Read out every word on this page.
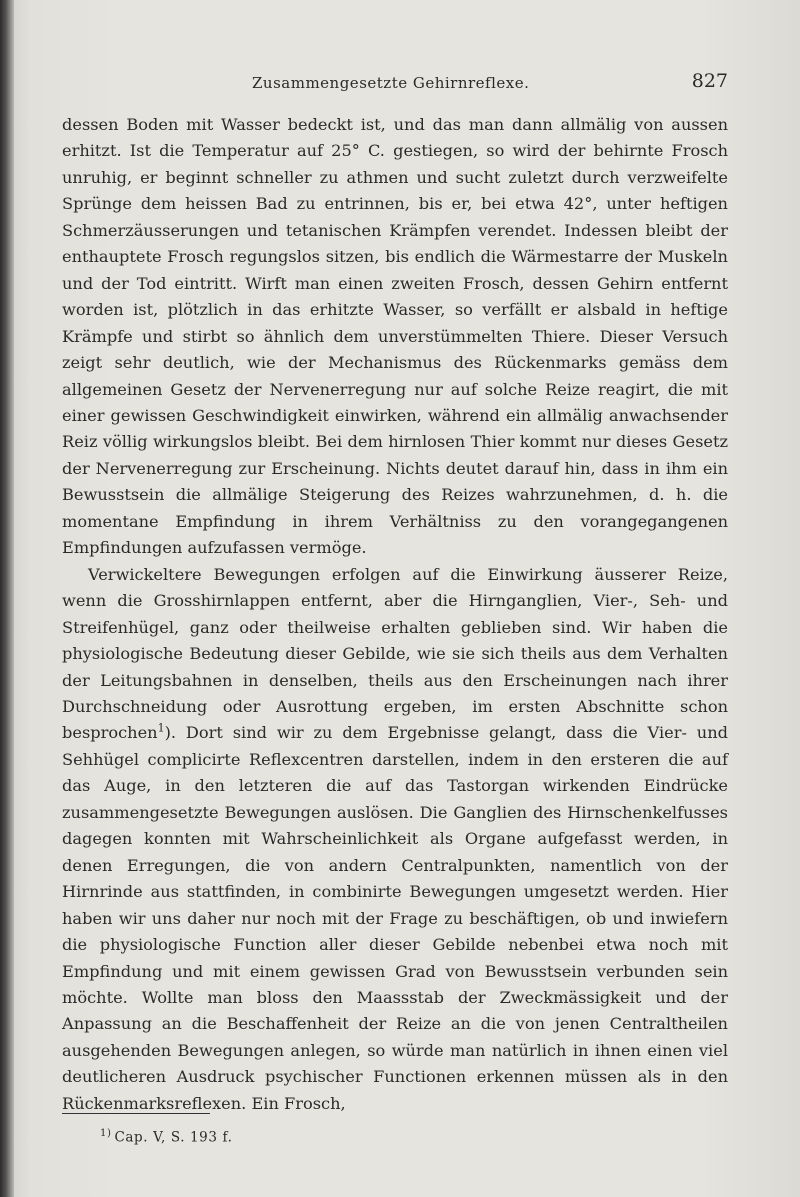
Zusammengesetzte Gehirnreflexe.	827

dessen Boden mit Wasser bedeckt ist, und das man dann allmälig von aussen erhitzt. Ist die Temperatur auf 25° C. gestiegen, so wird der behirnte Frosch unruhig, er beginnt schneller zu athmen und sucht zuletzt durch verzweifelte Sprünge dem heissen Bad zu entrinnen, bis er, bei etwa 42°, unter heftigen Schmerzäusserungen und tetanischen Krämpfen verendet. Indessen bleibt der enthauptete Frosch regungslos sitzen, bis endlich die Wärmestarre der Muskeln und der Tod eintritt. Wirft man einen zweiten Frosch, dessen Gehirn entfernt worden ist, plötzlich in das erhitzte Wasser, so verfällt er alsbald in heftige Krämpfe und stirbt so ähnlich dem unverstümmelten Thiere. Dieser Versuch zeigt sehr deutlich, wie der Mechanismus des Rückenmarks gemäss dem allgemeinen Gesetz der Nervenerregung nur auf solche Reize reagirt, die mit einer gewissen Geschwindigkeit einwirken, während ein allmälig anwachsender Reiz völlig wirkungslos bleibt. Bei dem hirnlosen Thier kommt nur dieses Gesetz der Nervenerregung zur Erscheinung. Nichts deutet darauf hin, dass in ihm ein Bewusstsein die allmälige Steigerung des Reizes wahrzunehmen, d. h. die momentane Empfindung in ihrem Verhältniss zu den vorangegangenen Empfindungen aufzufassen vermöge.

Verwickeltere Bewegungen erfolgen auf die Einwirkung äusserer Reize, wenn die Grosshirnlappen entfernt, aber die Hirnganglien, Vier-, Seh- und Streifenhügel, ganz oder theilweise erhalten geblieben sind. Wir haben die physiologische Bedeutung dieser Gebilde, wie sie sich theils aus dem Verhalten der Leitungsbahnen in denselben, theils aus den Erscheinungen nach ihrer Durchschneidung oder Ausrottung ergeben, im ersten Abschnitte schon besprochen$^1$). Dort sind wir zu dem Ergebnisse gelangt, dass die Vier- und Sehhügel complicirte Reflexcentren darstellen, indem in den ersteren die auf das Auge, in den letzteren die auf das Tastorgan wirkenden Eindrücke zusammengesetzte Bewegungen auslösen. Die Ganglien des Hirnschenkelfusses dagegen konnten mit Wahrscheinlichkeit als Organe aufgefasst werden, in denen Erregungen, die von andern Centralpunkten, namentlich von der Hirnrinde aus stattfinden, in combinirte Bewegungen umgesetzt werden. Hier haben wir uns daher nur noch mit der Frage zu beschäftigen, ob und inwiefern die physiologische Function aller dieser Gebilde nebenbei etwa noch mit Empfindung und mit einem gewissen Grad von Bewusstsein verbunden sein möchte. Wollte man bloss den Maassstab der Zweckmässigkeit und der Anpassung an die Beschaffenheit der Reize an die von jenen Centraltheilen ausgehenden Bewegungen anlegen, so würde man natürlich in ihnen einen viel deutlicheren Ausdruck psychischer Functionen erkennen müssen als in den Rückenmarksreflexen. Ein Frosch,

$^{1)}$ Cap. V, S. 193 f.
